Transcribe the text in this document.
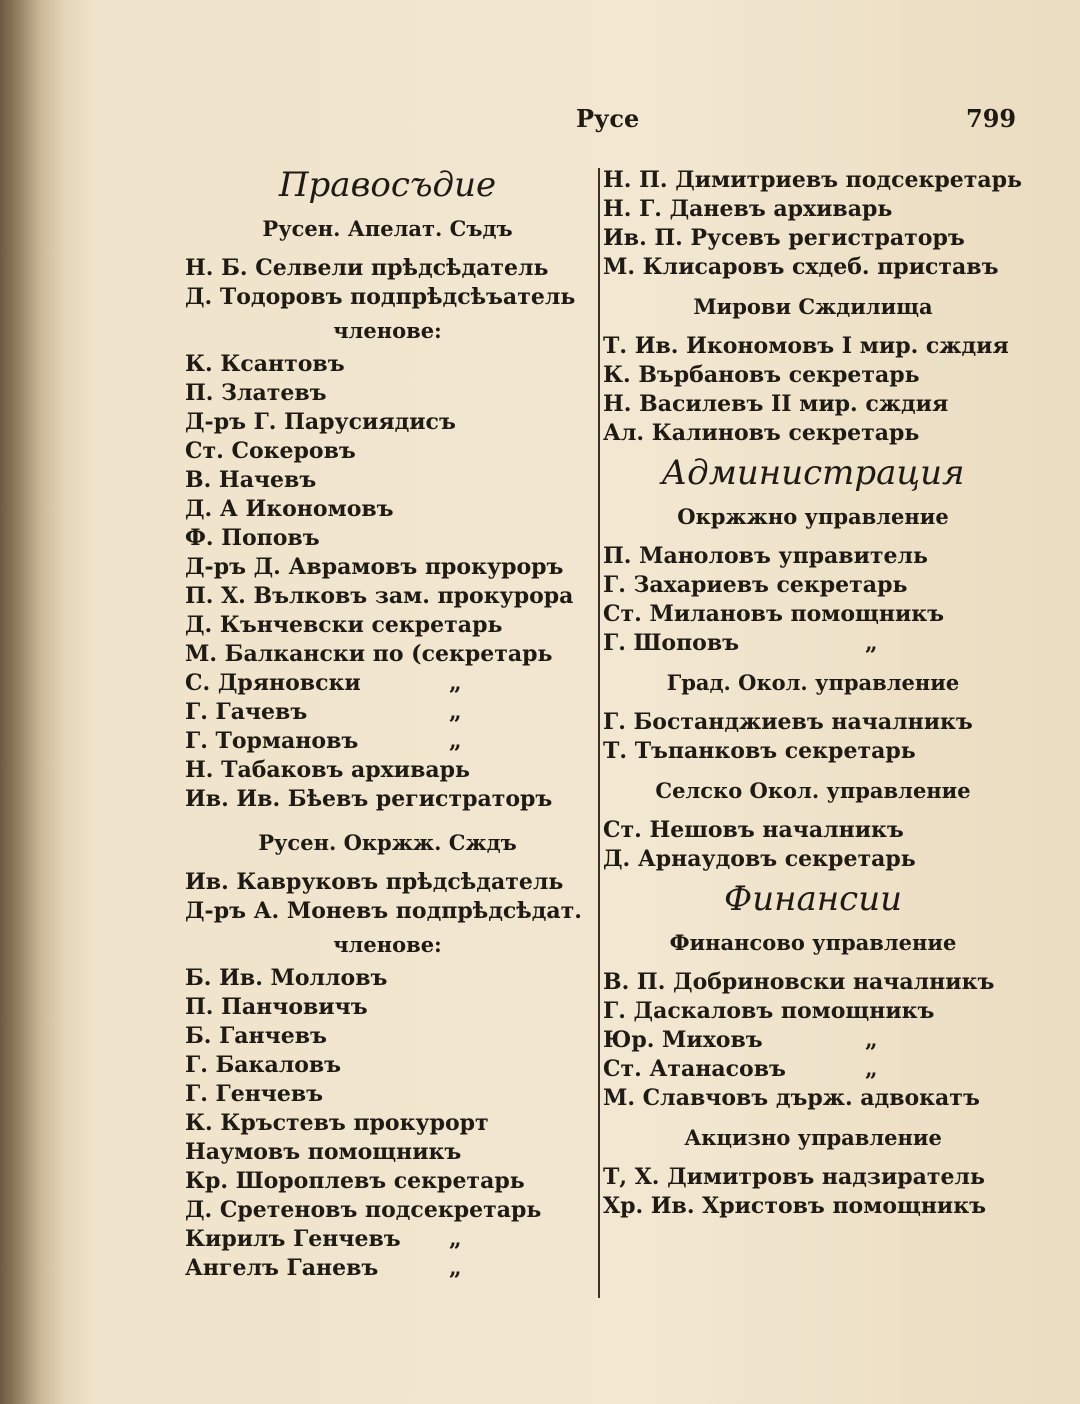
Русе	799
Правосъдие
Русен. Апелат. Съдъ
Н. Б. Селвели прѣдсѣдатель
Д. Тодоровъ подпрѣдсѣъатель
членове:
К. Ксантовъ
П. Златевъ
Д-ръ Г. Парусиядисъ
Ст. Сокеровъ
В. Начевъ
Д. А Икономовъ
Ф. Поповъ
Д-ръ Д. Аврамовъ прокуроръ
П. Х. Вълковъ зам. прокурора
Д. Кънчевски секретарь
М. Балкански по (секретарь
С. Дряновски	„
Г. Гачевъ	„
Г. Тормановъ	„
Н. Табаковъ архиварь
Ив. Ив. Бѣевъ регистраторъ
Русен. Окржж. Сждъ
Ив. Кавруковъ прѣдсѣдатель
Д-ръ А. Моневъ подпрѣдсѣдат.
членове:
Б. Ив. Молловъ
П. Панчовичъ
Б. Ганчевъ
Г. Бакаловъ
Г. Генчевъ
К. Кръстевъ прокурорт
Наумовъ помощникъ
Кр. Шороплевъ секретарь
Д. Сретеновъ подсекретарь
Кирилъ Генчевъ „
Ангелъ Ганевъ	„
Н. П. Димитриевъ подсекретарь
Н. Г. Даневъ архиварь
Ив. П. Русевъ регистраторъ
М. Клисаровъ схдеб. приставъ
Мирови Сждилища
Т. Ив. Икономовъ I мир. сждия
К. Върбановъ секретарь
Н. Василевъ II мир. сждия
Ал. Калиновъ секретарь
Администрация
Окржжно управление
П. Маноловъ управитель
Г. Захариевъ секретарь
Ст. Милановъ помощникъ
Г. Шоповъ	„
Град. Окол. управление
Г. Бостанджиевъ началникъ
Т. Тъпанковъ секретарь
Селско Окол. управление
Ст. Нешовъ началникъ
Д. Арнаудовъ секретарь
Финансии
Финансово управление
В. П. Добриновски началникъ
Г. Даскаловъ помощникъ
Юр. Миховъ	„
Ст. Атанасовъ	„
М. Славчовъ държ. адвокатъ
Акцизно управление
Т, Х. Димитровъ надзиратель
Хр. Ив. Христовъ помощникъ
